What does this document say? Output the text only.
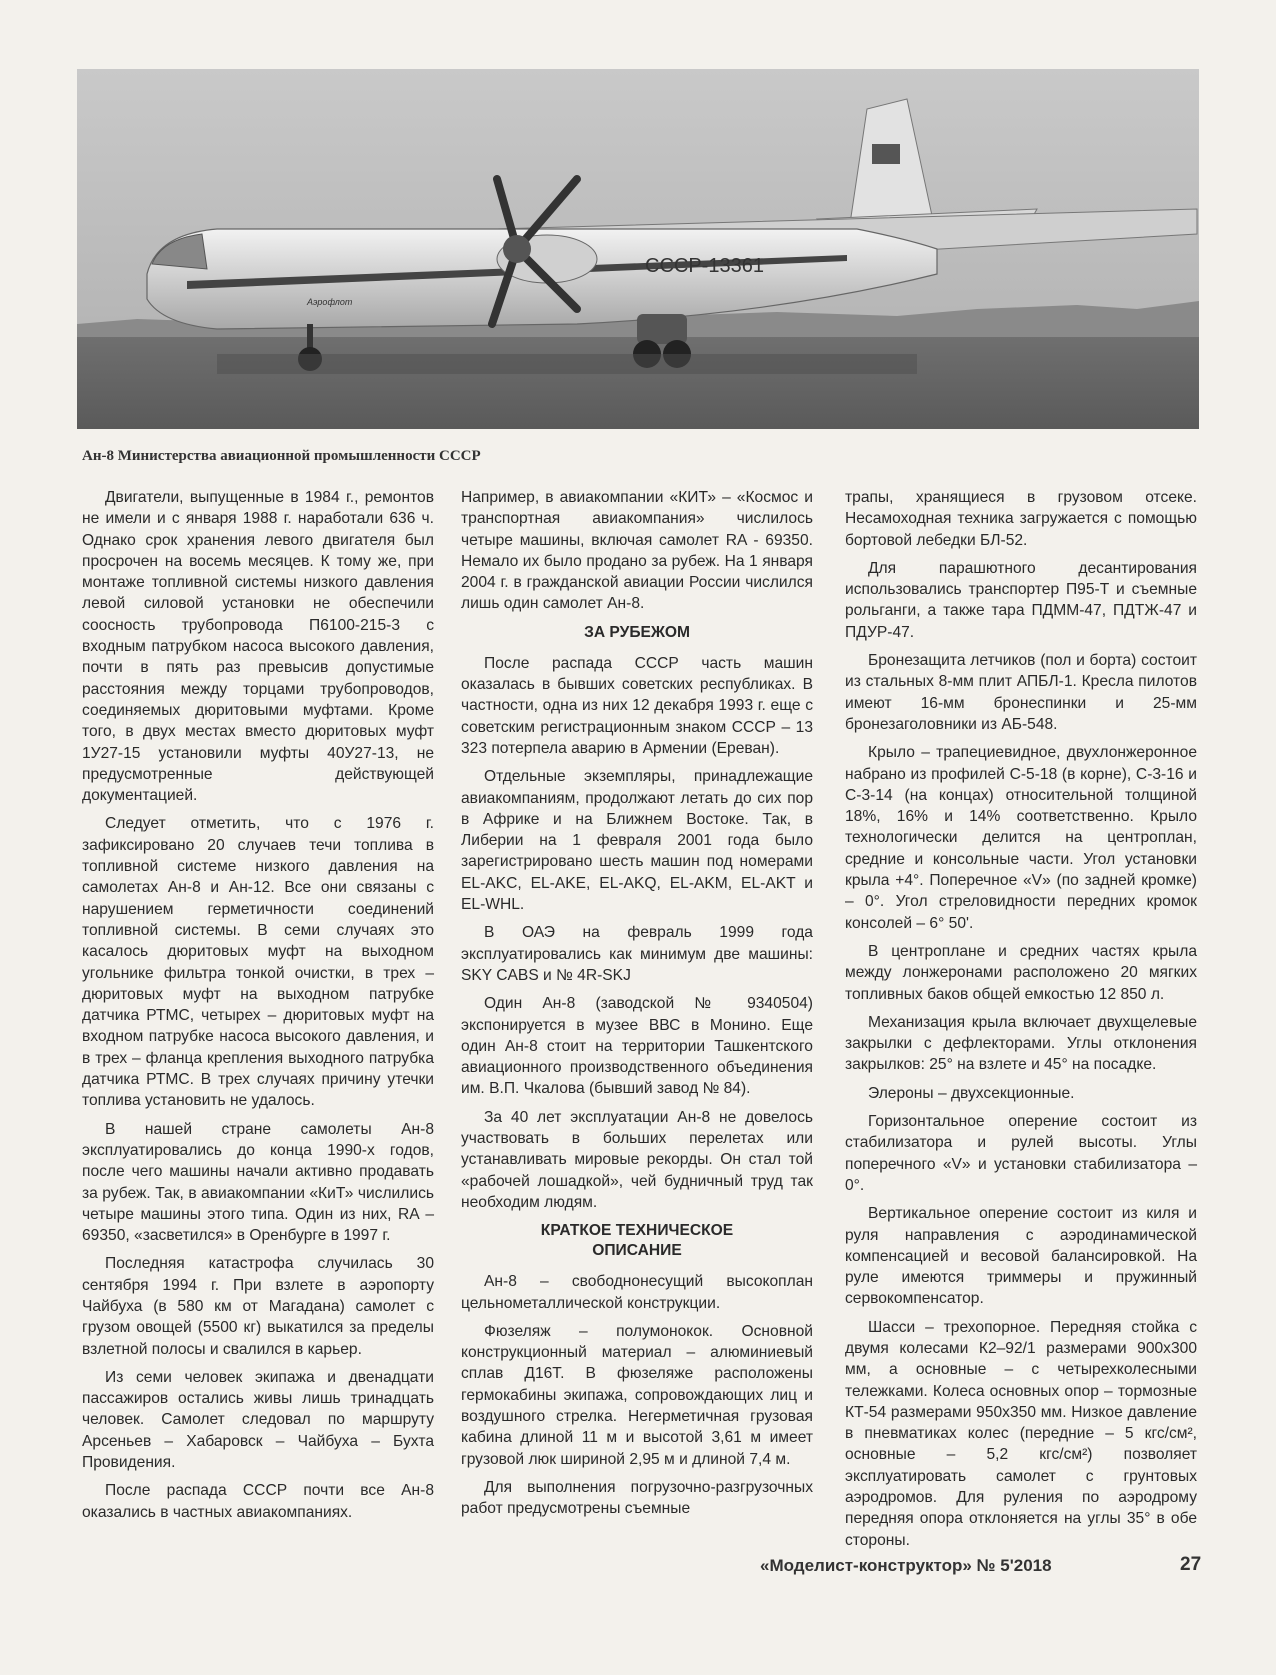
СССР-13361
Аэрофлот
Ан-8 Министерства авиационной промышленности СССР

Двигатели, выпущенные в 1984 г., ремонтов не имели и с января 1988 г. наработали 636 ч. Однако срок хранения левого двигателя был просрочен на восемь месяцев. К тому же, при монтаже топливной системы низкого давления левой силовой установки не обеспечили соосность трубопровода П6100-215-3 с входным патрубком насоса высокого давления, почти в пять раз превысив допустимые расстояния между торцами трубопроводов, соединяемых дюритовыми муфтами. Кроме того, в двух местах вместо дюритовых муфт 1У27-15 установили муфты 40У27-13, не предусмотренные действующей документацией.

Следует отметить, что с 1976 г. зафиксировано 20 случаев течи топлива в топливной системе низкого давления на самолетах Ан-8 и Ан-12. Все они связаны с нарушением герметичности соединений топливной системы. В семи случаях это касалось дюритовых муфт на выходном угольнике фильтра тонкой очистки, в трех – дюритовых муфт на выходном патрубке датчика РТМС, четырех – дюритовых муфт на входном патрубке насоса высокого давления, и в трех – фланца крепления выходного патрубка датчика РТМС. В трех случаях причину утечки топлива установить не удалось.

В нашей стране самолеты Ан-8 эксплуатировались до конца 1990-х годов, после чего машины начали активно продавать за рубеж. Так, в авиакомпании «КиТ» числились четыре машины этого типа. Один из них, RA – 69350, «засветился» в Оренбурге в 1997 г.

Последняя катастрофа случилась 30 сентября 1994 г. При взлете в аэропорту Чайбуха (в 580 км от Магадана) самолет с грузом овощей (5500 кг) выкатился за пределы взлетной полосы и свалился в карьер.

Из семи человек экипажа и двенадцати пассажиров остались живы лишь тринадцать человек. Самолет следовал по маршруту Арсеньев – Хабаровск – Чайбуха – Бухта Провидения.

После распада СССР почти все Ан-8 оказались в частных авиакомпаниях.

Например, в авиакомпании «КИТ» – «Космос и транспортная авиакомпания» числилось четыре машины, включая самолет RA - 69350. Немало их было продано за рубеж. На 1 января 2004 г. в гражданской авиации России числился лишь один самолет Ан-8.

ЗА РУБЕЖОМ

После распада СССР часть машин оказалась в бывших советских республиках. В частности, одна из них 12 декабря 1993 г. еще с советским регистрационным знаком СССР – 13 323 потерпела аварию в Армении (Ереван).

Отдельные экземпляры, принадлежащие авиакомпаниям, продолжают летать до сих пор в Африке и на Ближнем Востоке. Так, в Либерии на 1 февраля 2001 года было зарегистрировано шесть машин под номерами EL-AKC, EL-AKE, EL-AKQ, EL-AKM, EL-AKT и EL-WHL.

В ОАЭ на февраль 1999 года эксплуатировались как минимум две машины: SKY CABS и № 4R-SKJ

Один Ан-8 (заводской № 9340504) экспонируется в музее ВВС в Монино. Еще один Ан-8 стоит на территории Ташкентского авиационного производственного объединения им. В.П. Чкалова (бывший завод № 84).

За 40 лет эксплуатации Ан-8 не довелось участвовать в больших перелетах или устанавливать мировые рекорды. Он стал той «рабочей лошадкой», чей будничный труд так необходим людям.

КРАТКОЕ ТЕХНИЧЕСКОЕ ОПИСАНИЕ

Ан-8 – свободнонесущий высокоплан цельнометаллической конструкции.

Фюзеляж – полумонокок. Основной конструкционный материал – алюминиевый сплав Д16Т. В фюзеляже расположены гермокабины экипажа, сопровождающих лиц и воздушного стрелка. Негерметичная грузовая кабина длиной 11 м и высотой 3,61 м имеет грузовой люк шириной 2,95 м и длиной 7,4 м.

Для выполнения погрузочно-разгрузочных работ предусмотрены съемные

трапы, хранящиеся в грузовом отсеке. Несамоходная техника загружается с помощью бортовой лебедки БЛ-52.

Для парашютного десантирования использовались транспортер П95-Т и съемные рольганги, а также тара ПДММ-47, ПДТЖ-47 и ПДУР-47.

Бронезащита летчиков (пол и борта) состоит из стальных 8-мм плит АПБЛ-1. Кресла пилотов имеют 16-мм бронеспинки и 25-мм бронезаголовники из АБ-548.

Крыло – трапециевидное, двухлонжеронное набрано из профилей С-5-18 (в корне), С-3-16 и С-3-14 (на концах) относительной толщиной 18%, 16% и 14% соответственно. Крыло технологически делится на центроплан, средние и консольные части. Угол установки крыла +4°. Поперечное «V» (по задней кромке) – 0°. Угол стреловидности передних кромок консолей – 6° 50'.

В центроплане и средних частях крыла между лонжеронами расположено 20 мягких топливных баков общей емкостью 12 850 л.

Механизация крыла включает двухщелевые закрылки с дефлекторами. Углы отклонения закрылков: 25° на взлете и 45° на посадке.

Элероны – двухсекционные.

Горизонтальное оперение состоит из стабилизатора и рулей высоты. Углы поперечного «V» и установки стабилизатора – 0°.

Вертикальное оперение состоит из киля и руля направления с аэродинамической компенсацией и весовой балансировкой. На руле имеются триммеры и пружинный сервокомпенсатор.

Шасси – трехопорное. Передняя стойка с двумя колесами К2–92/1 размерами 900х300 мм, а основные – с четырехколесными тележками. Колеса основных опор – тормозные КТ-54 размерами 950х350 мм. Низкое давление в пневматиках колес (передние – 5 кгс/см², основные – 5,2 кгс/см²) позволяет эксплуатировать самолет с грунтовых аэродромов. Для руления по аэродрому передняя опора отклоняется на углы 35° в обе стороны.

«Моделист-конструктор» № 5'2018	27
